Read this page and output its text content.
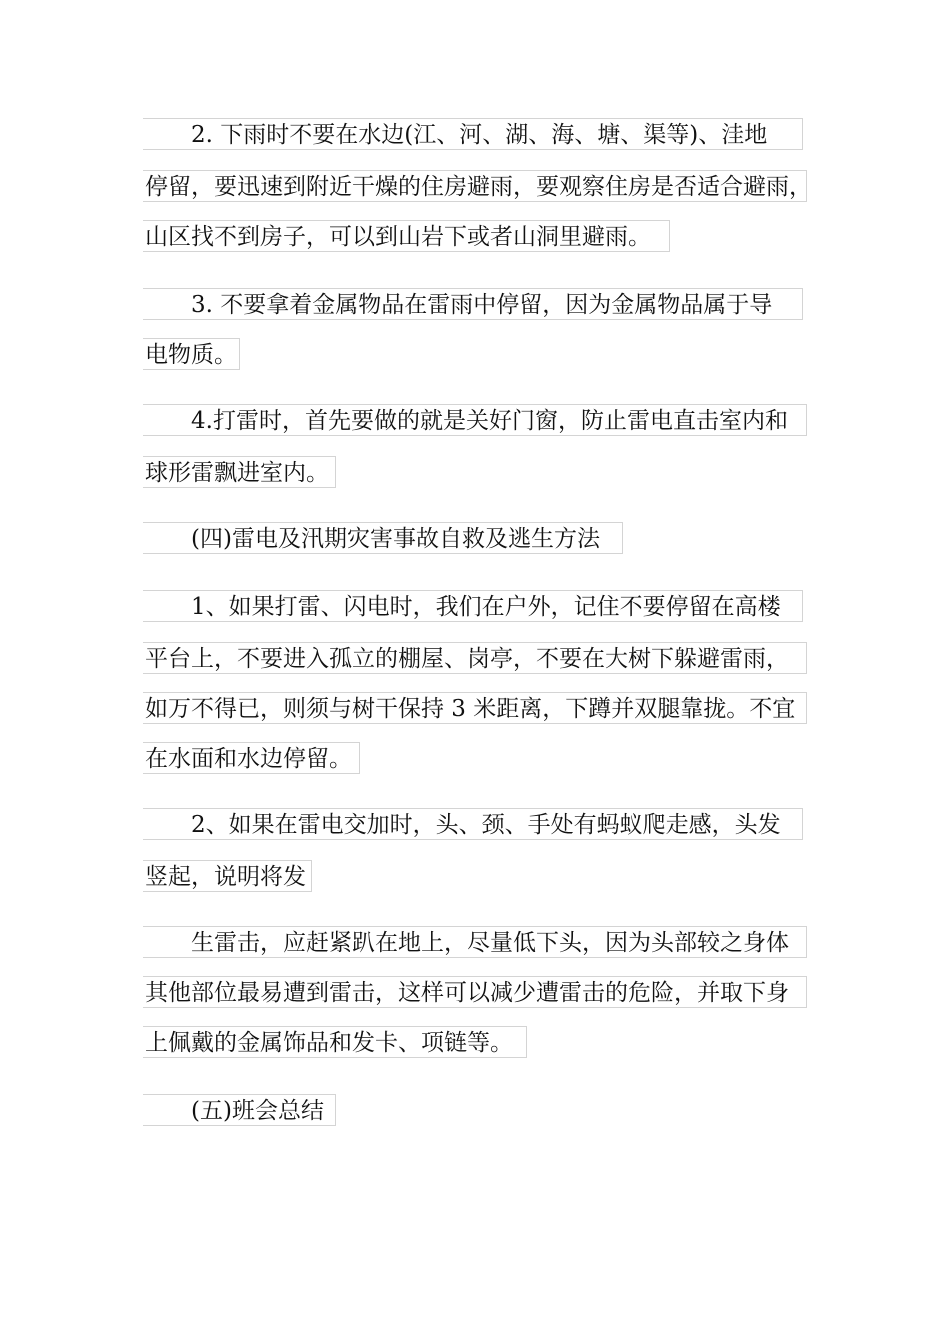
2. 下雨时不要在水边(江、河、湖、海、塘、渠等)、洼地
停留，要迅速到附近干燥的住房避雨，要观察住房是否适合避雨，
山区找不到房子，可以到山岩下或者山洞里避雨。
3. 不要拿着金属物品在雷雨中停留，因为金属物品属于导
电物质。
4.打雷时，首先要做的就是关好门窗，防止雷电直击室内和
球形雷飘进室内。
(四)雷电及汛期灾害事故自救及逃生方法
1、如果打雷、闪电时，我们在户外，记住不要停留在高楼
平台上，不要进入孤立的棚屋、岗亭，不要在大树下躲避雷雨，
如万不得已，则须与树干保持 3 米距离，下蹲并双腿靠拢。不宜
在水面和水边停留。
2、如果在雷电交加时，头、颈、手处有蚂蚁爬走感，头发
竖起，说明将发
生雷击，应赶紧趴在地上，尽量低下头，因为头部较之身体
其他部位最易遭到雷击，这样可以减少遭雷击的危险，并取下身
上佩戴的金属饰品和发卡、项链等。
(五)班会总结
